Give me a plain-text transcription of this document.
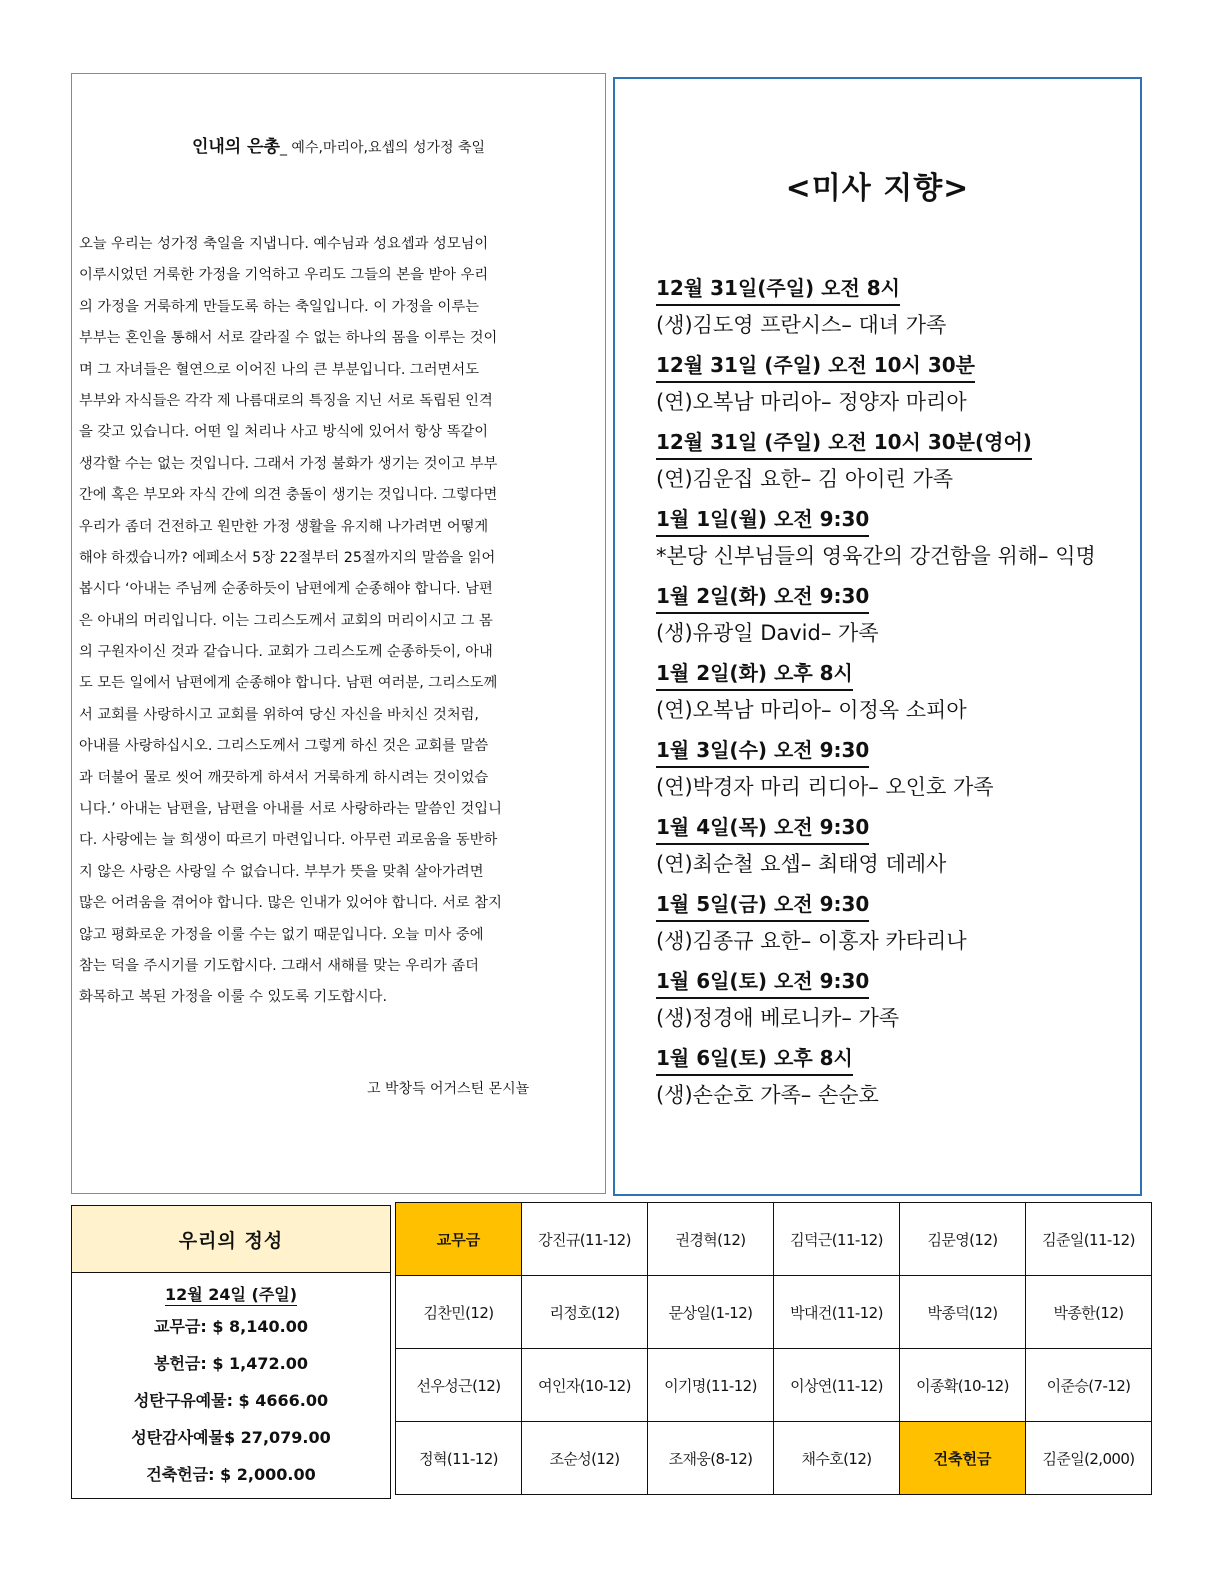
인내의 은총_ 예수,마리아,요셉의 성가정 축일
오늘 우리는 성가정 축일을 지냅니다. 예수님과 성요셉과 성모님이
이루시었던 거룩한 가정을 기억하고 우리도 그들의 본을 받아 우리
의 가정을 거룩하게 만들도록 하는 축일입니다. 이 가정을 이루는
부부는 혼인을 통해서 서로 갈라질 수 없는 하나의 몸을 이루는 것이
며 그 자녀들은 혈연으로 이어진 나의 큰 부분입니다. 그러면서도
부부와 자식들은 각각 제 나름대로의 특징을 지닌 서로 독립된 인격
을 갖고 있습니다. 어떤 일 처리나 사고 방식에 있어서 항상 똑같이
생각할 수는 없는 것입니다. 그래서 가정 불화가 생기는 것이고 부부
간에 혹은 부모와 자식 간에 의견 충돌이 생기는 것입니다. 그렇다면
우리가 좀더 건전하고 원만한 가정 생활을 유지해 나가려면 어떻게
해야 하겠습니까? 에페소서 5장 22절부터 25절까지의 말씀을 읽어
봅시다 ‘아내는 주님께 순종하듯이 남편에게 순종해야 합니다. 남편
은 아내의 머리입니다. 이는 그리스도께서 교회의 머리이시고 그 몸
의 구원자이신 것과 같습니다. 교회가 그리스도께 순종하듯이, 아내
도 모든 일에서 남편에게 순종해야 합니다. 남편 여러분, 그리스도께
서 교회를 사랑하시고 교회를 위하여 당신 자신을 바치신 것처럼,
아내를 사랑하십시오. 그리스도께서 그렇게 하신 것은 교회를 말씀
과 더불어 물로 씻어 깨끗하게 하셔서 거룩하게 하시려는 것이었습
니다.’ 아내는 남편을, 남편을 아내를 서로 사랑하라는 말씀인 것입니
다. 사랑에는 늘 희생이 따르기 마련입니다. 아무런 괴로움을 동반하
지 않은 사랑은 사랑일 수 없습니다. 부부가 뜻을 맞춰 살아가려면
많은 어려움을 겪어야 합니다. 많은 인내가 있어야 합니다. 서로 참지
않고 평화로운 가정을 이룰 수는 없기 때문입니다. 오늘 미사 중에
참는 덕을 주시기를 기도합시다. 그래서 새해를 맞는 우리가 좀더
화목하고 복된 가정을 이룰 수 있도록 기도합시다.
고 박창득 어거스틴 몬시뇰
<미사 지향>
12월 31일(주일) 오전 8시
(생)김도영 프란시스– 대녀 가족
12월 31일 (주일) 오전 10시 30분
(연)오복남 마리아– 정양자 마리아
12월 31일 (주일) 오전 10시 30분(영어)
(연)김운집 요한– 김 아이린 가족
1월 1일(월) 오전 9:30
*본당 신부님들의 영육간의 강건함을 위해– 익명
1월 2일(화) 오전 9:30
(생)유광일 David– 가족
1월 2일(화) 오후 8시
(연)오복남 마리아– 이정옥 소피아
1월 3일(수) 오전 9:30
(연)박경자 마리 리디아– 오인호 가족
1월 4일(목) 오전 9:30
(연)최순철 요셉– 최태영 데레사
1월 5일(금) 오전 9:30
(생)김종규 요한– 이홍자 카타리나
1월 6일(토) 오전 9:30
(생)정경애 베로니카– 가족
1월 6일(토) 오후 8시
(생)손순호 가족– 손순호
우리의 정성
12월 24일 (주일)
교무금: $ 8,140.00
봉헌금: $ 1,472.00
성탄구유예물: $ 4666.00
성탄감사예물$ 27,079.00
건축헌금: $ 2,000.00
교무금	강진규(11-12)	권경혁(12)	김덕근(11-12)	김문영(12)	김준일(11-12)
김찬민(12)	리정호(12)	문상일(1-12)	박대건(11-12)	박종덕(12)	박종한(12)
선우성근(12)	여인자(10-12)	이기명(11-12)	이상연(11-12)	이종확(10-12)	이준승(7-12)
정혁(11-12)	조순성(12)	조재웅(8-12)	채수호(12)	건축헌금	김준일(2,000)
